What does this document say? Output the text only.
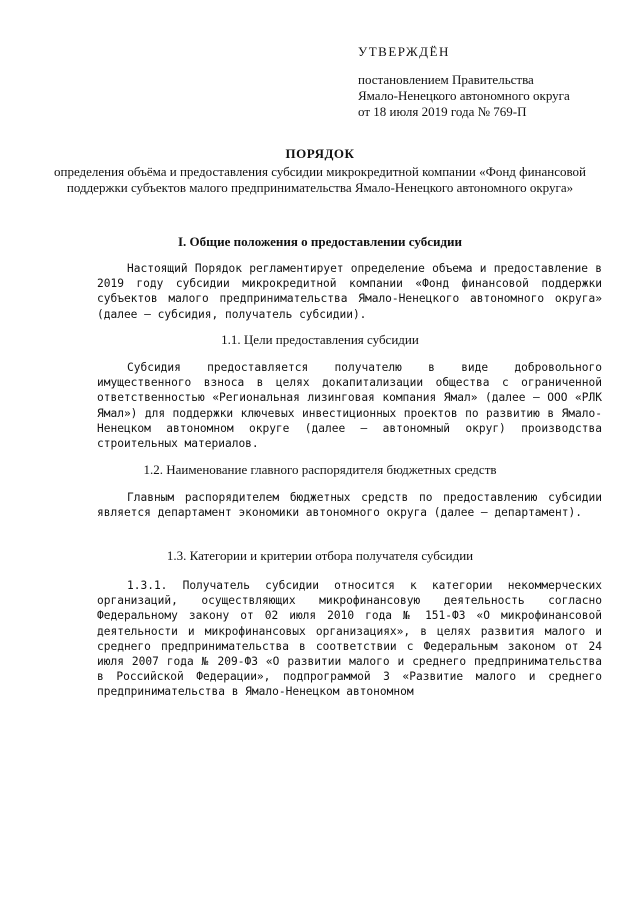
УТВЕРЖДЁН
постановлением Правительства
Ямало-Ненецкого автономного округа
от 18 июля 2019 года № 769-П
ПОРЯДОК
определения объёма и предоставления субсидии микрокредитной компании «Фонд финансовой поддержки субъектов малого предпринимательства Ямало-Ненецкого автономного округа»
I. Общие положения о предоставлении субсидии
Настоящий Порядок регламентирует определение объема и предоставление в 2019 году субсидии микрокредитной компании «Фонд финансовой поддержки субъектов малого предпринимательства Ямало-Ненецкого автономного округа» (далее – субсидия, получатель субсидии).
1.1. Цели предоставления субсидии
Субсидия предоставляется получателю в виде добровольного имущественного взноса в целях докапитализации общества с ограниченной ответственностью «Региональная лизинговая компания Ямал» (далее – ООО «РЛК Ямал») для поддержки ключевых инвестиционных проектов по развитию в Ямало-Ненецком автономном округе (далее – автономный округ) производства строительных материалов.
1.2. Наименование главного распорядителя бюджетных средств
Главным распорядителем бюджетных средств по предоставлению субсидии является департамент экономики автономного округа (далее – департамент).
1.3. Категории и критерии отбора получателя субсидии
1.3.1. Получатель субсидии относится к категории некоммерческих организаций, осуществляющих микрофинансовую деятельность согласно Федеральному закону от 02 июля 2010 года № 151-ФЗ «О микрофинансовой деятельности и микрофинансовых организациях», в целях развития малого и среднего предпринимательства в соответствии с Федеральным законом от 24 июля 2007 года № 209-ФЗ «О развитии малого и среднего предпринимательства в Российской Федерации», подпрограммой 3 «Развитие малого и среднего предпринимательства в Ямало-Ненецком автономном
